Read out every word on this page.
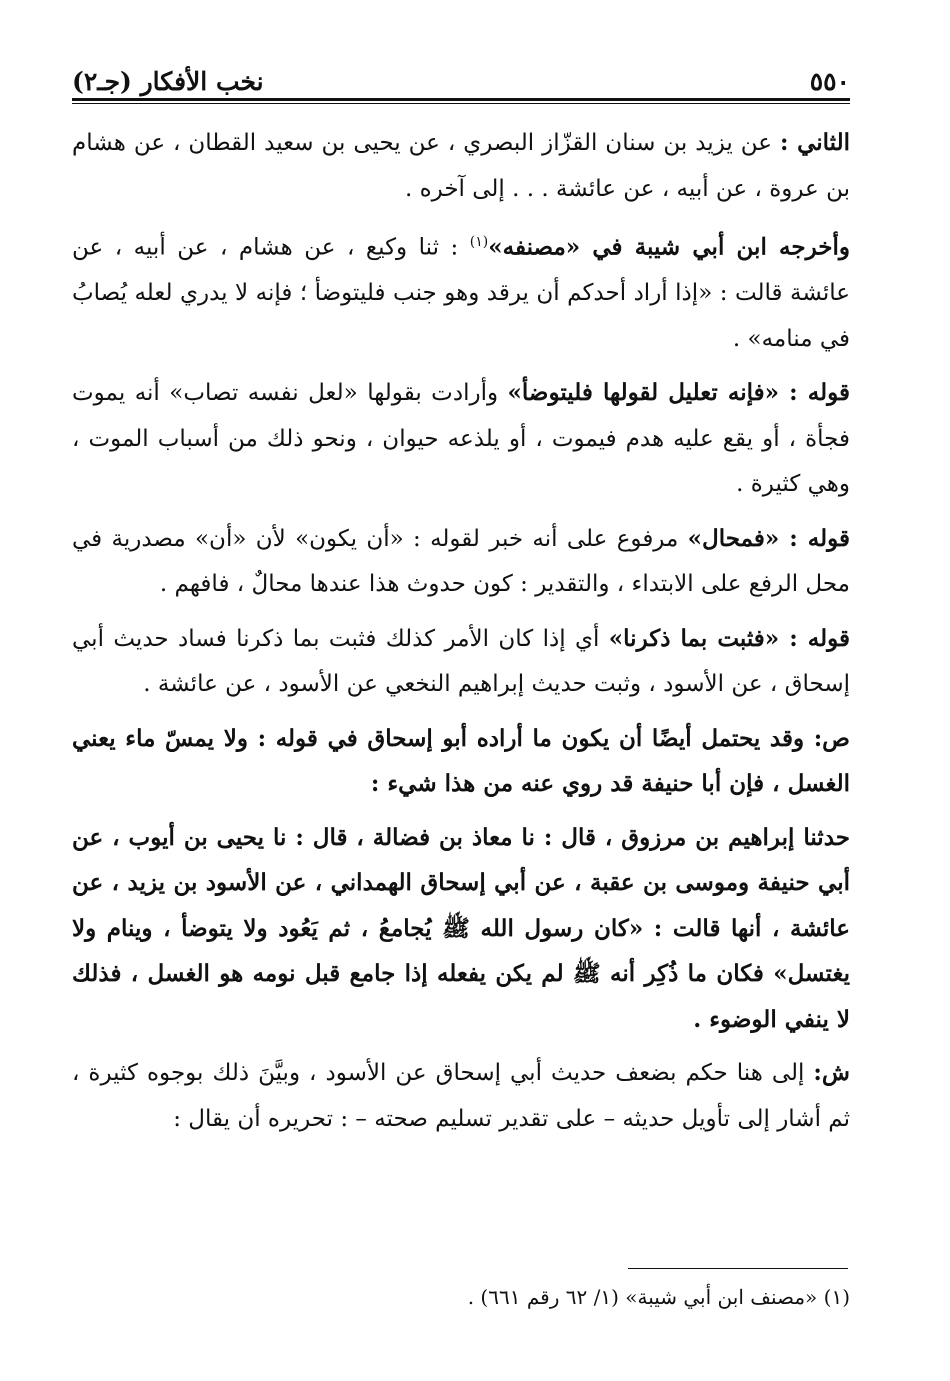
٥٥٠
نخب الأفكار (جـ٢)

الثاني : عن يزيد بن سنان القزّاز البصري ، عن يحيى بن سعيد القطان ، عن هشام بن عروة ، عن أبيه ، عن عائشة . . . إلى آخره .

وأخرجه ابن أبي شيبة في «مصنفه»$^{(١)}$ : ثنا وكيع ، عن هشام ، عن أبيه ، عن عائشة قالت : «إذا أراد أحدكم أن يرقد وهو جنب فليتوضأ ؛ فإنه لا يدري لعله يُصابُ في منامه» .

قوله : «فإنه تعليل لقولها فليتوضأ» وأرادت بقولها «لعل نفسه تصاب» أنه يموت فجأة ، أو يقع عليه هدم فيموت ، أو يلذعه حيوان ، ونحو ذلك من أسباب الموت ، وهي كثيرة .

قوله : «فمحال» مرفوع على أنه خبر لقوله : «أن يكون» لأن «أن» مصدرية في محل الرفع على الابتداء ، والتقدير : كون حدوث هذا عندها محالٌ ، فافهم .

قوله : «فثبت بما ذكرنا» أي إذا كان الأمر كذلك فثبت بما ذكرنا فساد حديث أبي إسحاق ، عن الأسود ، وثبت حديث إبراهيم النخعي عن الأسود ، عن عائشة .

ص: وقد يحتمل أيضًا أن يكون ما أراده أبو إسحاق في قوله : ولا يمسّ ماء يعني الغسل ، فإن أبا حنيفة قد روي عنه من هذا شيء :

حدثنا إبراهيم بن مرزوق ، قال : نا معاذ بن فضالة ، قال : نا يحيى بن أيوب ، عن أبي حنيفة وموسى بن عقبة ، عن أبي إسحاق الهمداني ، عن الأسود بن يزيد ، عن عائشة ، أنها قالت : «كان رسول الله ﷺ يُجامعُ ، ثم يَعُود ولا يتوضأ ، وينام ولا يغتسل» فكان ما ذُكِر أنه ﷺ لم يكن يفعله إذا جامع قبل نومه هو الغسل ، فذلك لا ينفي الوضوء .

ش: إلى هنا حكم بضعف حديث أبي إسحاق عن الأسود ، وبيَّنَ ذلك بوجوه كثيرة ، ثم أشار إلى تأويل حديثه – على تقدير تسليم صحته – : تحريره أن يقال :

(١) «مصنف ابن أبي شيبة» (١/ ٦٢ رقم ٦٦١) .
